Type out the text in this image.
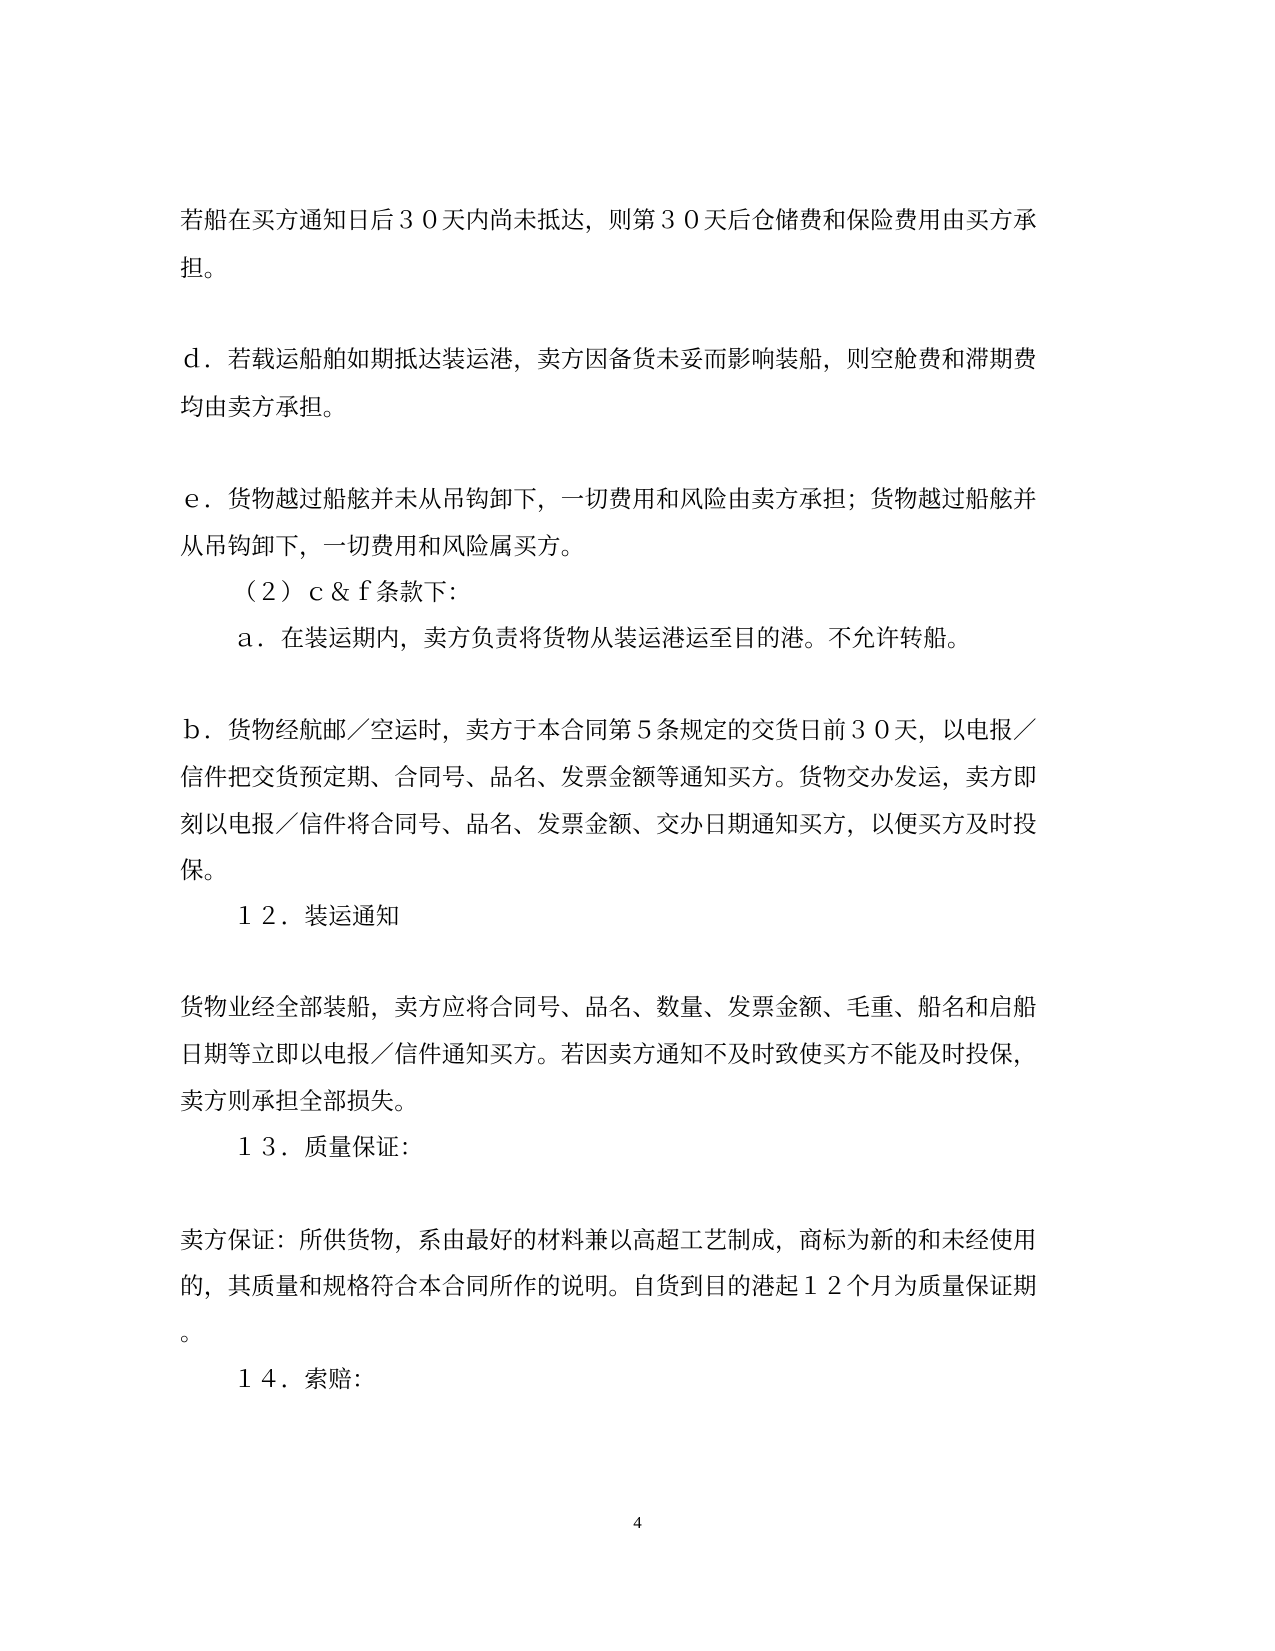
若船在买方通知日后３０天内尚未抵达，则第３０天后仓储费和保险费用由买方承
担。
ｄ．若载运船舶如期抵达装运港，卖方因备货未妥而影响装船，则空舱费和滞期费
均由卖方承担。
ｅ．货物越过船舷并未从吊钩卸下，一切费用和风险由卖方承担；货物越过船舷并
从吊钩卸下，一切费用和风险属买方。
（２）ｃ＆ｆ条款下：
ａ．在装运期内，卖方负责将货物从装运港运至目的港。不允许转船。
ｂ．货物经航邮／空运时，卖方于本合同第５条规定的交货日前３０天，以电报／
信件把交货预定期、合同号、品名、发票金额等通知买方。货物交办发运，卖方即
刻以电报／信件将合同号、品名、发票金额、交办日期通知买方，以便买方及时投
保。
１２．装运通知
货物业经全部装船，卖方应将合同号、品名、数量、发票金额、毛重、船名和启船
日期等立即以电报／信件通知买方。若因卖方通知不及时致使买方不能及时投保，
卖方则承担全部损失。
１３．质量保证：
卖方保证：所供货物，系由最好的材料兼以高超工艺制成，商标为新的和未经使用
的，其质量和规格符合本合同所作的说明。自货到目的港起１２个月为质量保证期
。
１４．索赔：
4
